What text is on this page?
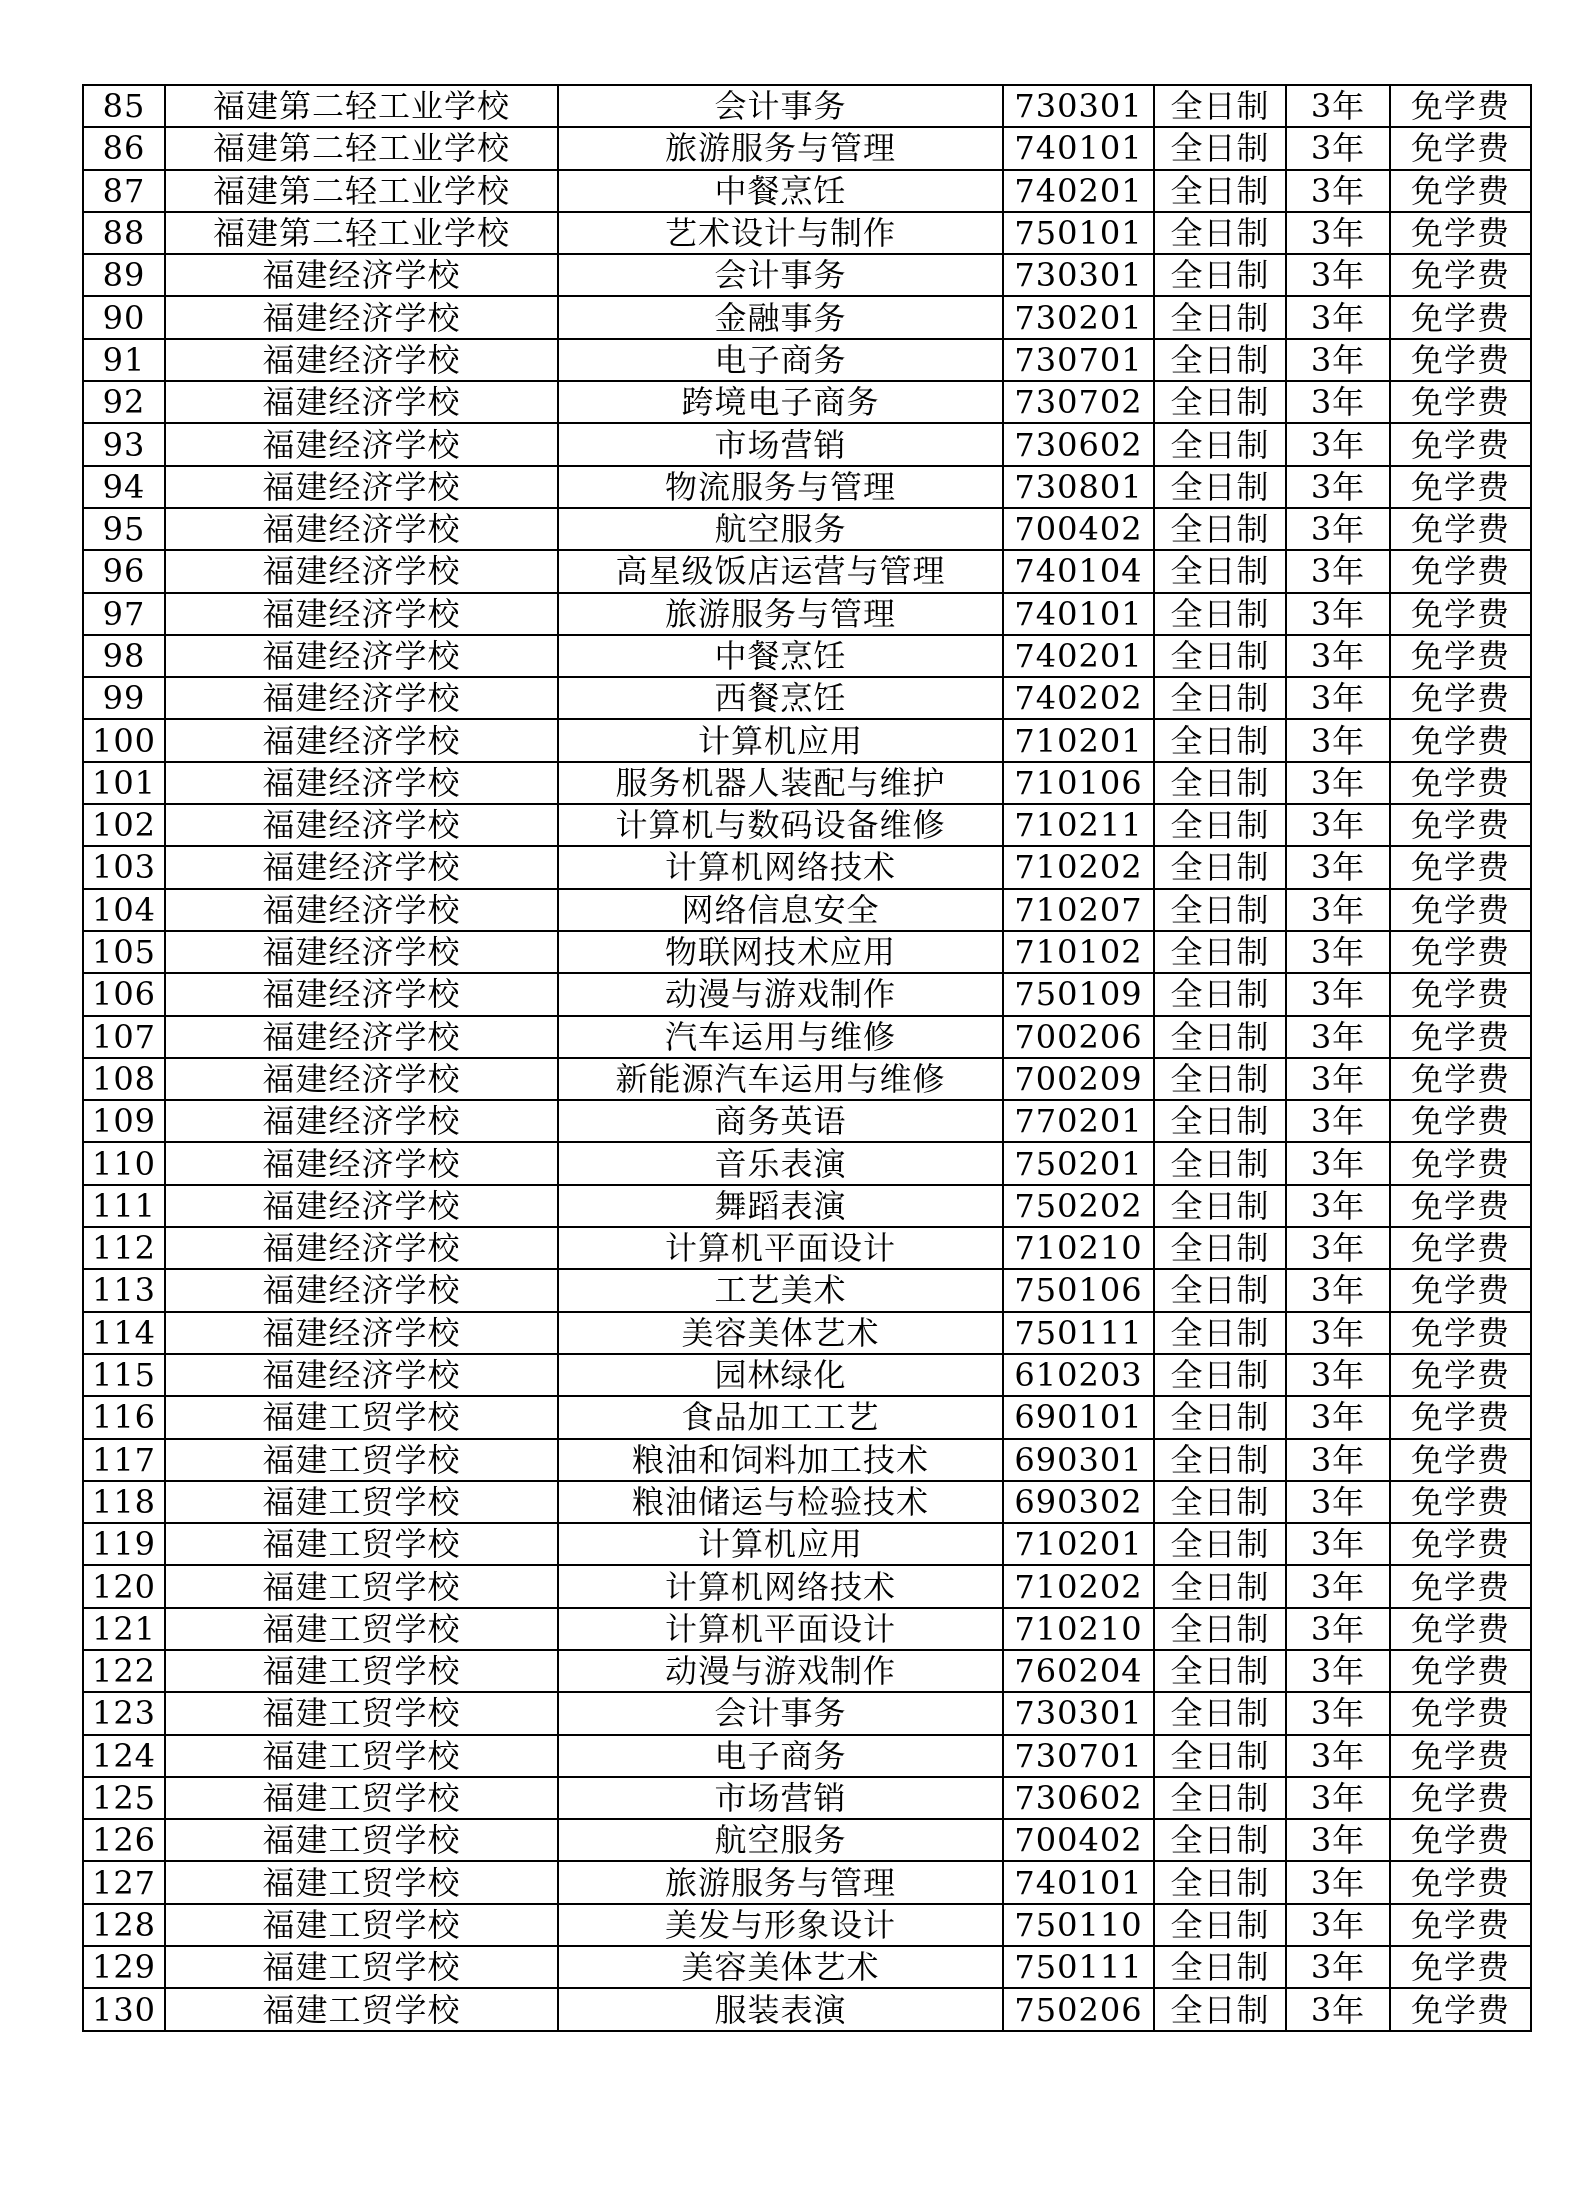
85	福建第二轻工业学校	会计事务	730301	全日制	3年	免学费
86	福建第二轻工业学校	旅游服务与管理	740101	全日制	3年	免学费
87	福建第二轻工业学校	中餐烹饪	740201	全日制	3年	免学费
88	福建第二轻工业学校	艺术设计与制作	750101	全日制	3年	免学费
89	福建经济学校	会计事务	730301	全日制	3年	免学费
90	福建经济学校	金融事务	730201	全日制	3年	免学费
91	福建经济学校	电子商务	730701	全日制	3年	免学费
92	福建经济学校	跨境电子商务	730702	全日制	3年	免学费
93	福建经济学校	市场营销	730602	全日制	3年	免学费
94	福建经济学校	物流服务与管理	730801	全日制	3年	免学费
95	福建经济学校	航空服务	700402	全日制	3年	免学费
96	福建经济学校	高星级饭店运营与管理	740104	全日制	3年	免学费
97	福建经济学校	旅游服务与管理	740101	全日制	3年	免学费
98	福建经济学校	中餐烹饪	740201	全日制	3年	免学费
99	福建经济学校	西餐烹饪	740202	全日制	3年	免学费
100	福建经济学校	计算机应用	710201	全日制	3年	免学费
101	福建经济学校	服务机器人装配与维护	710106	全日制	3年	免学费
102	福建经济学校	计算机与数码设备维修	710211	全日制	3年	免学费
103	福建经济学校	计算机网络技术	710202	全日制	3年	免学费
104	福建经济学校	网络信息安全	710207	全日制	3年	免学费
105	福建经济学校	物联网技术应用	710102	全日制	3年	免学费
106	福建经济学校	动漫与游戏制作	750109	全日制	3年	免学费
107	福建经济学校	汽车运用与维修	700206	全日制	3年	免学费
108	福建经济学校	新能源汽车运用与维修	700209	全日制	3年	免学费
109	福建经济学校	商务英语	770201	全日制	3年	免学费
110	福建经济学校	音乐表演	750201	全日制	3年	免学费
111	福建经济学校	舞蹈表演	750202	全日制	3年	免学费
112	福建经济学校	计算机平面设计	710210	全日制	3年	免学费
113	福建经济学校	工艺美术	750106	全日制	3年	免学费
114	福建经济学校	美容美体艺术	750111	全日制	3年	免学费
115	福建经济学校	园林绿化	610203	全日制	3年	免学费
116	福建工贸学校	食品加工工艺	690101	全日制	3年	免学费
117	福建工贸学校	粮油和饲料加工技术	690301	全日制	3年	免学费
118	福建工贸学校	粮油储运与检验技术	690302	全日制	3年	免学费
119	福建工贸学校	计算机应用	710201	全日制	3年	免学费
120	福建工贸学校	计算机网络技术	710202	全日制	3年	免学费
121	福建工贸学校	计算机平面设计	710210	全日制	3年	免学费
122	福建工贸学校	动漫与游戏制作	760204	全日制	3年	免学费
123	福建工贸学校	会计事务	730301	全日制	3年	免学费
124	福建工贸学校	电子商务	730701	全日制	3年	免学费
125	福建工贸学校	市场营销	730602	全日制	3年	免学费
126	福建工贸学校	航空服务	700402	全日制	3年	免学费
127	福建工贸学校	旅游服务与管理	740101	全日制	3年	免学费
128	福建工贸学校	美发与形象设计	750110	全日制	3年	免学费
129	福建工贸学校	美容美体艺术	750111	全日制	3年	免学费
130	福建工贸学校	服装表演	750206	全日制	3年	免学费
